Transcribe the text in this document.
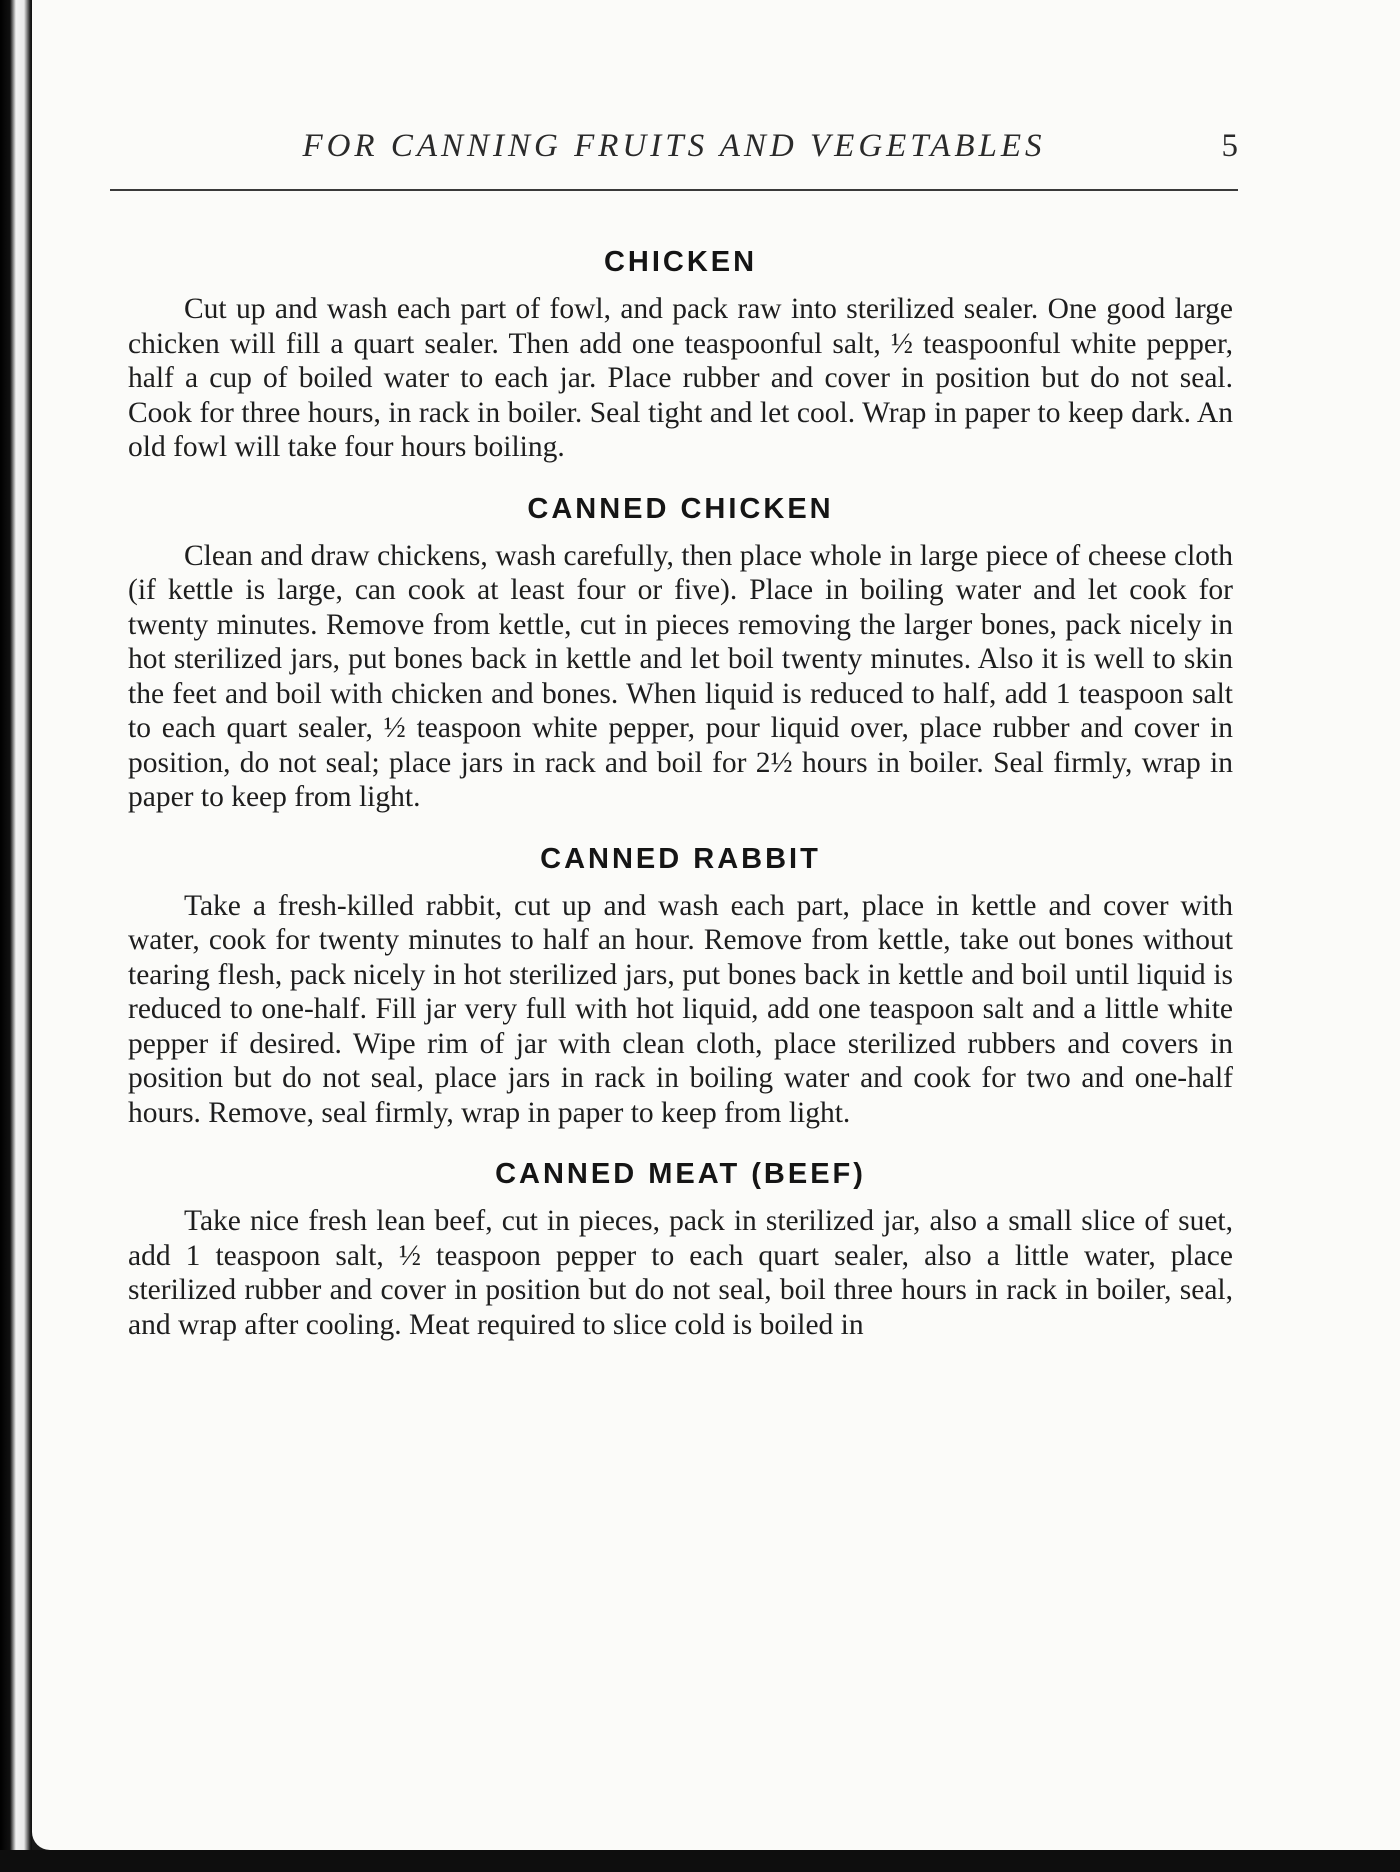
FOR CANNING FRUITS AND VEGETABLES	5
CHICKEN

Cut up and wash each part of fowl, and pack raw into sterilized sealer. One good large chicken will fill a quart sealer. Then add one teaspoonful salt, ½ teaspoonful white pepper, half a cup of boiled water to each jar. Place rubber and cover in position but do not seal. Cook for three hours, in rack in boiler. Seal tight and let cool. Wrap in paper to keep dark. An old fowl will take four hours boiling.

CANNED CHICKEN

Clean and draw chickens, wash carefully, then place whole in large piece of cheese cloth (if kettle is large, can cook at least four or five). Place in boiling water and let cook for twenty minutes. Remove from kettle, cut in pieces removing the larger bones, pack nicely in hot sterilized jars, put bones back in kettle and let boil twenty minutes. Also it is well to skin the feet and boil with chicken and bones. When liquid is reduced to half, add 1 teaspoon salt to each quart sealer, ½ teaspoon white pepper, pour liquid over, place rubber and cover in position, do not seal; place jars in rack and boil for 2½ hours in boiler. Seal firmly, wrap in paper to keep from light.

CANNED RABBIT

Take a fresh-killed rabbit, cut up and wash each part, place in kettle and cover with water, cook for twenty minutes to half an hour. Remove from kettle, take out bones without tearing flesh, pack nicely in hot sterilized jars, put bones back in kettle and boil until liquid is reduced to one-half. Fill jar very full with hot liquid, add one teaspoon salt and a little white pepper if desired. Wipe rim of jar with clean cloth, place sterilized rubbers and covers in position but do not seal, place jars in rack in boiling water and cook for two and one-half hours. Remove, seal firmly, wrap in paper to keep from light.

CANNED MEAT (BEEF)

Take nice fresh lean beef, cut in pieces, pack in sterilized jar, also a small slice of suet, add 1 teaspoon salt, ½ teaspoon pepper to each quart sealer, also a little water, place sterilized rubber and cover in position but do not seal, boil three hours in rack in boiler, seal, and wrap after cooling. Meat required to slice cold is boiled in
